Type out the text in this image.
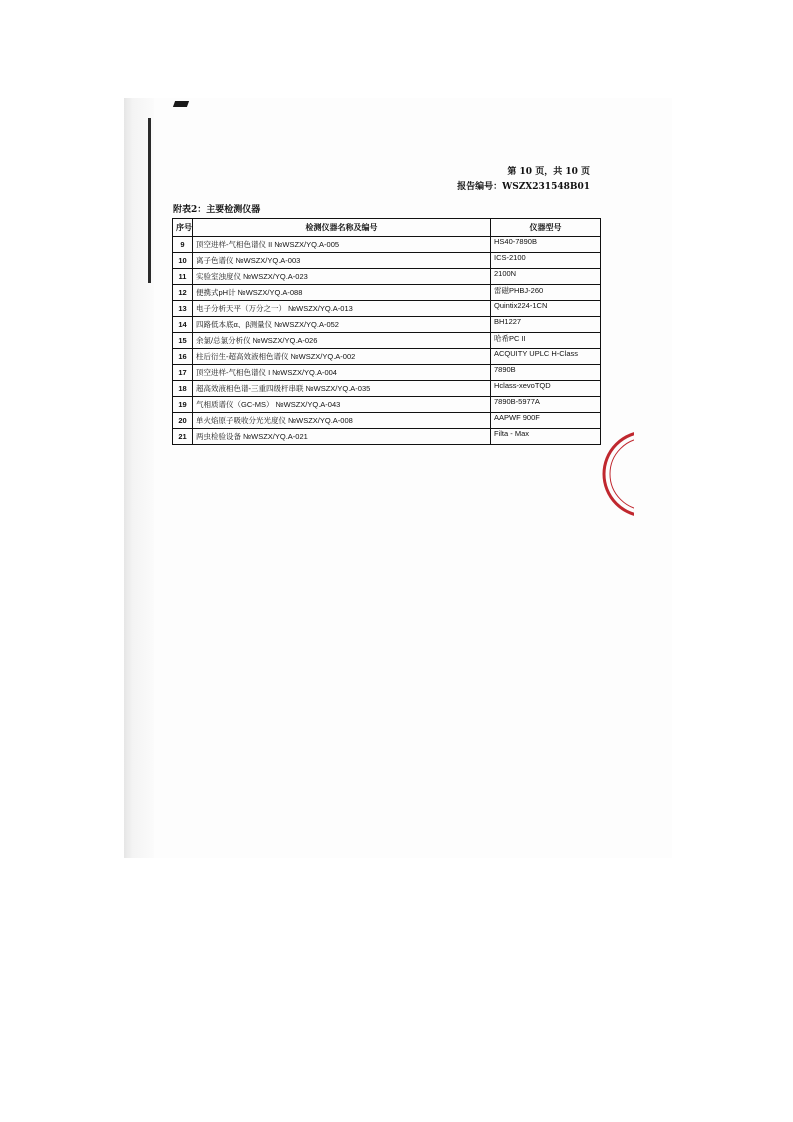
第 10 页，共 10 页
报告编号：WSZX231548B01
附表2：主要检测仪器
序号	检测仪器名称及编号	仪器型号
9	顶空进样-气相色谱仪 II №WSZX/YQ.A-005	HS40-7890B
10	离子色谱仪 №WSZX/YQ.A-003	ICS-2100
11	实验室浊度仪 №WSZX/YQ.A-023	2100N
12	便携式pH计 №WSZX/YQ.A-088	雷磁PHBJ-260
13	电子分析天平（万分之一） №WSZX/YQ.A-013	Quintix224-1CN
14	四路低本底α、β测量仪 №WSZX/YQ.A-052	BH1227
15	余氯/总氯分析仪 №WSZX/YQ.A-026	哈希PC II
16	柱后衍生-超高效液相色谱仪 №WSZX/YQ.A-002	ACQUITY UPLC H-Class
17	顶空进样-气相色谱仪 I №WSZX/YQ.A-004	7890B
18	超高效液相色谱-三重四级杆串联 №WSZX/YQ.A-035	Hclass-xevoTQD
19	气相质谱仪（GC-MS） №WSZX/YQ.A-043	7890B-5977A
20	单火焰原子吸收分光光度仪 №WSZX/YQ.A-008	AAPWF 900F
21	两虫检验设备 №WSZX/YQ.A-021	Filta - Max
